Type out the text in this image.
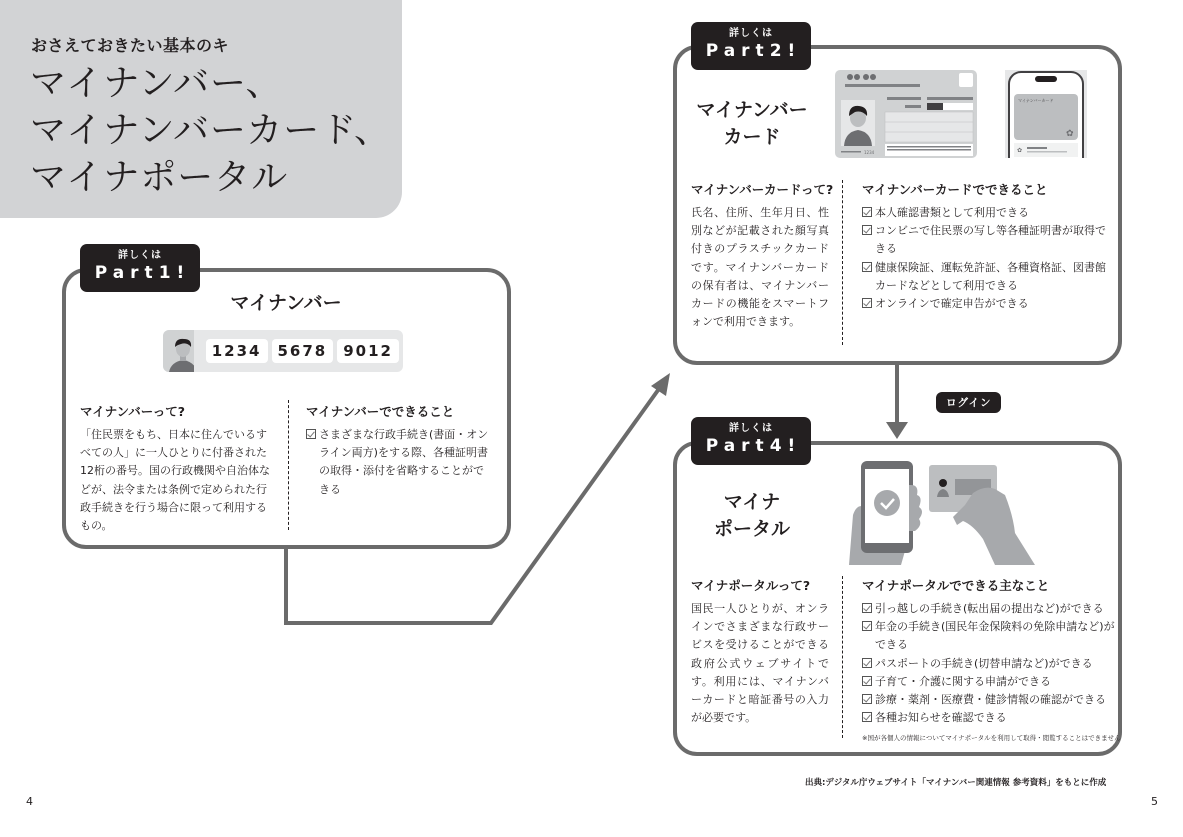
おさえておきたい基本のキ
マイナンバー、
マイナンバーカード、
マイナポータル
ログイン
マイナンバー
1234	5678	9012
マイナンバーって?
「住民票をもち、日本に住んでいるすべての人」に一人ひとりに付番された12桁の番号。国の行政機関や自治体などが、法令または条例で定められた行政手続きを行う場合に限って利用するもの。
マイナンバーでできること
さまざまな行政手続き(書面・オンライン両方)をする際、各種証明書の取得・添付を省略することができる
詳しくは
Part1!
マイナンバー
カード
1234
マイナンバーカード
✿
✿
マイナンバーカードって?
氏名、住所、生年月日、性別などが記載された顔写真付きのプラスチックカードです。マイナンバーカードの保有者は、マイナンバーカードの機能をスマートフォンで利用できます。
マイナンバーカードでできること
本人確認書類として利用できる
コンビニで住民票の写し等各種証明書が取得できる
健康保険証、運転免許証、各種資格証、図書館カードなどとして利用できる
オンラインで確定申告ができる
詳しくは
Part2!
マイナ
ポータル
マイナポータルって?
国民一人ひとりが、オンラインでさまざまな行政サービスを受けることができる政府公式ウェブサイトです。利用には、マイナンバーカードと暗証番号の入力が必要です。
マイナポータルでできる主なこと
引っ越しの手続き(転出届の提出など)ができる
年金の手続き(国民年金保険料の免除申請など)ができる
パスポートの手続き(切替申請など)ができる
子育て・介護に関する申請ができる
診療・薬剤・医療費・健診情報の確認ができる
各種お知らせを確認できる
※国が各個人の情報についてマイナポータルを利用して取得・閲覧することはできません
詳しくは
Part4!
出典:デジタル庁ウェブサイト「マイナンバー関連情報 参考資料」をもとに作成
4	5
